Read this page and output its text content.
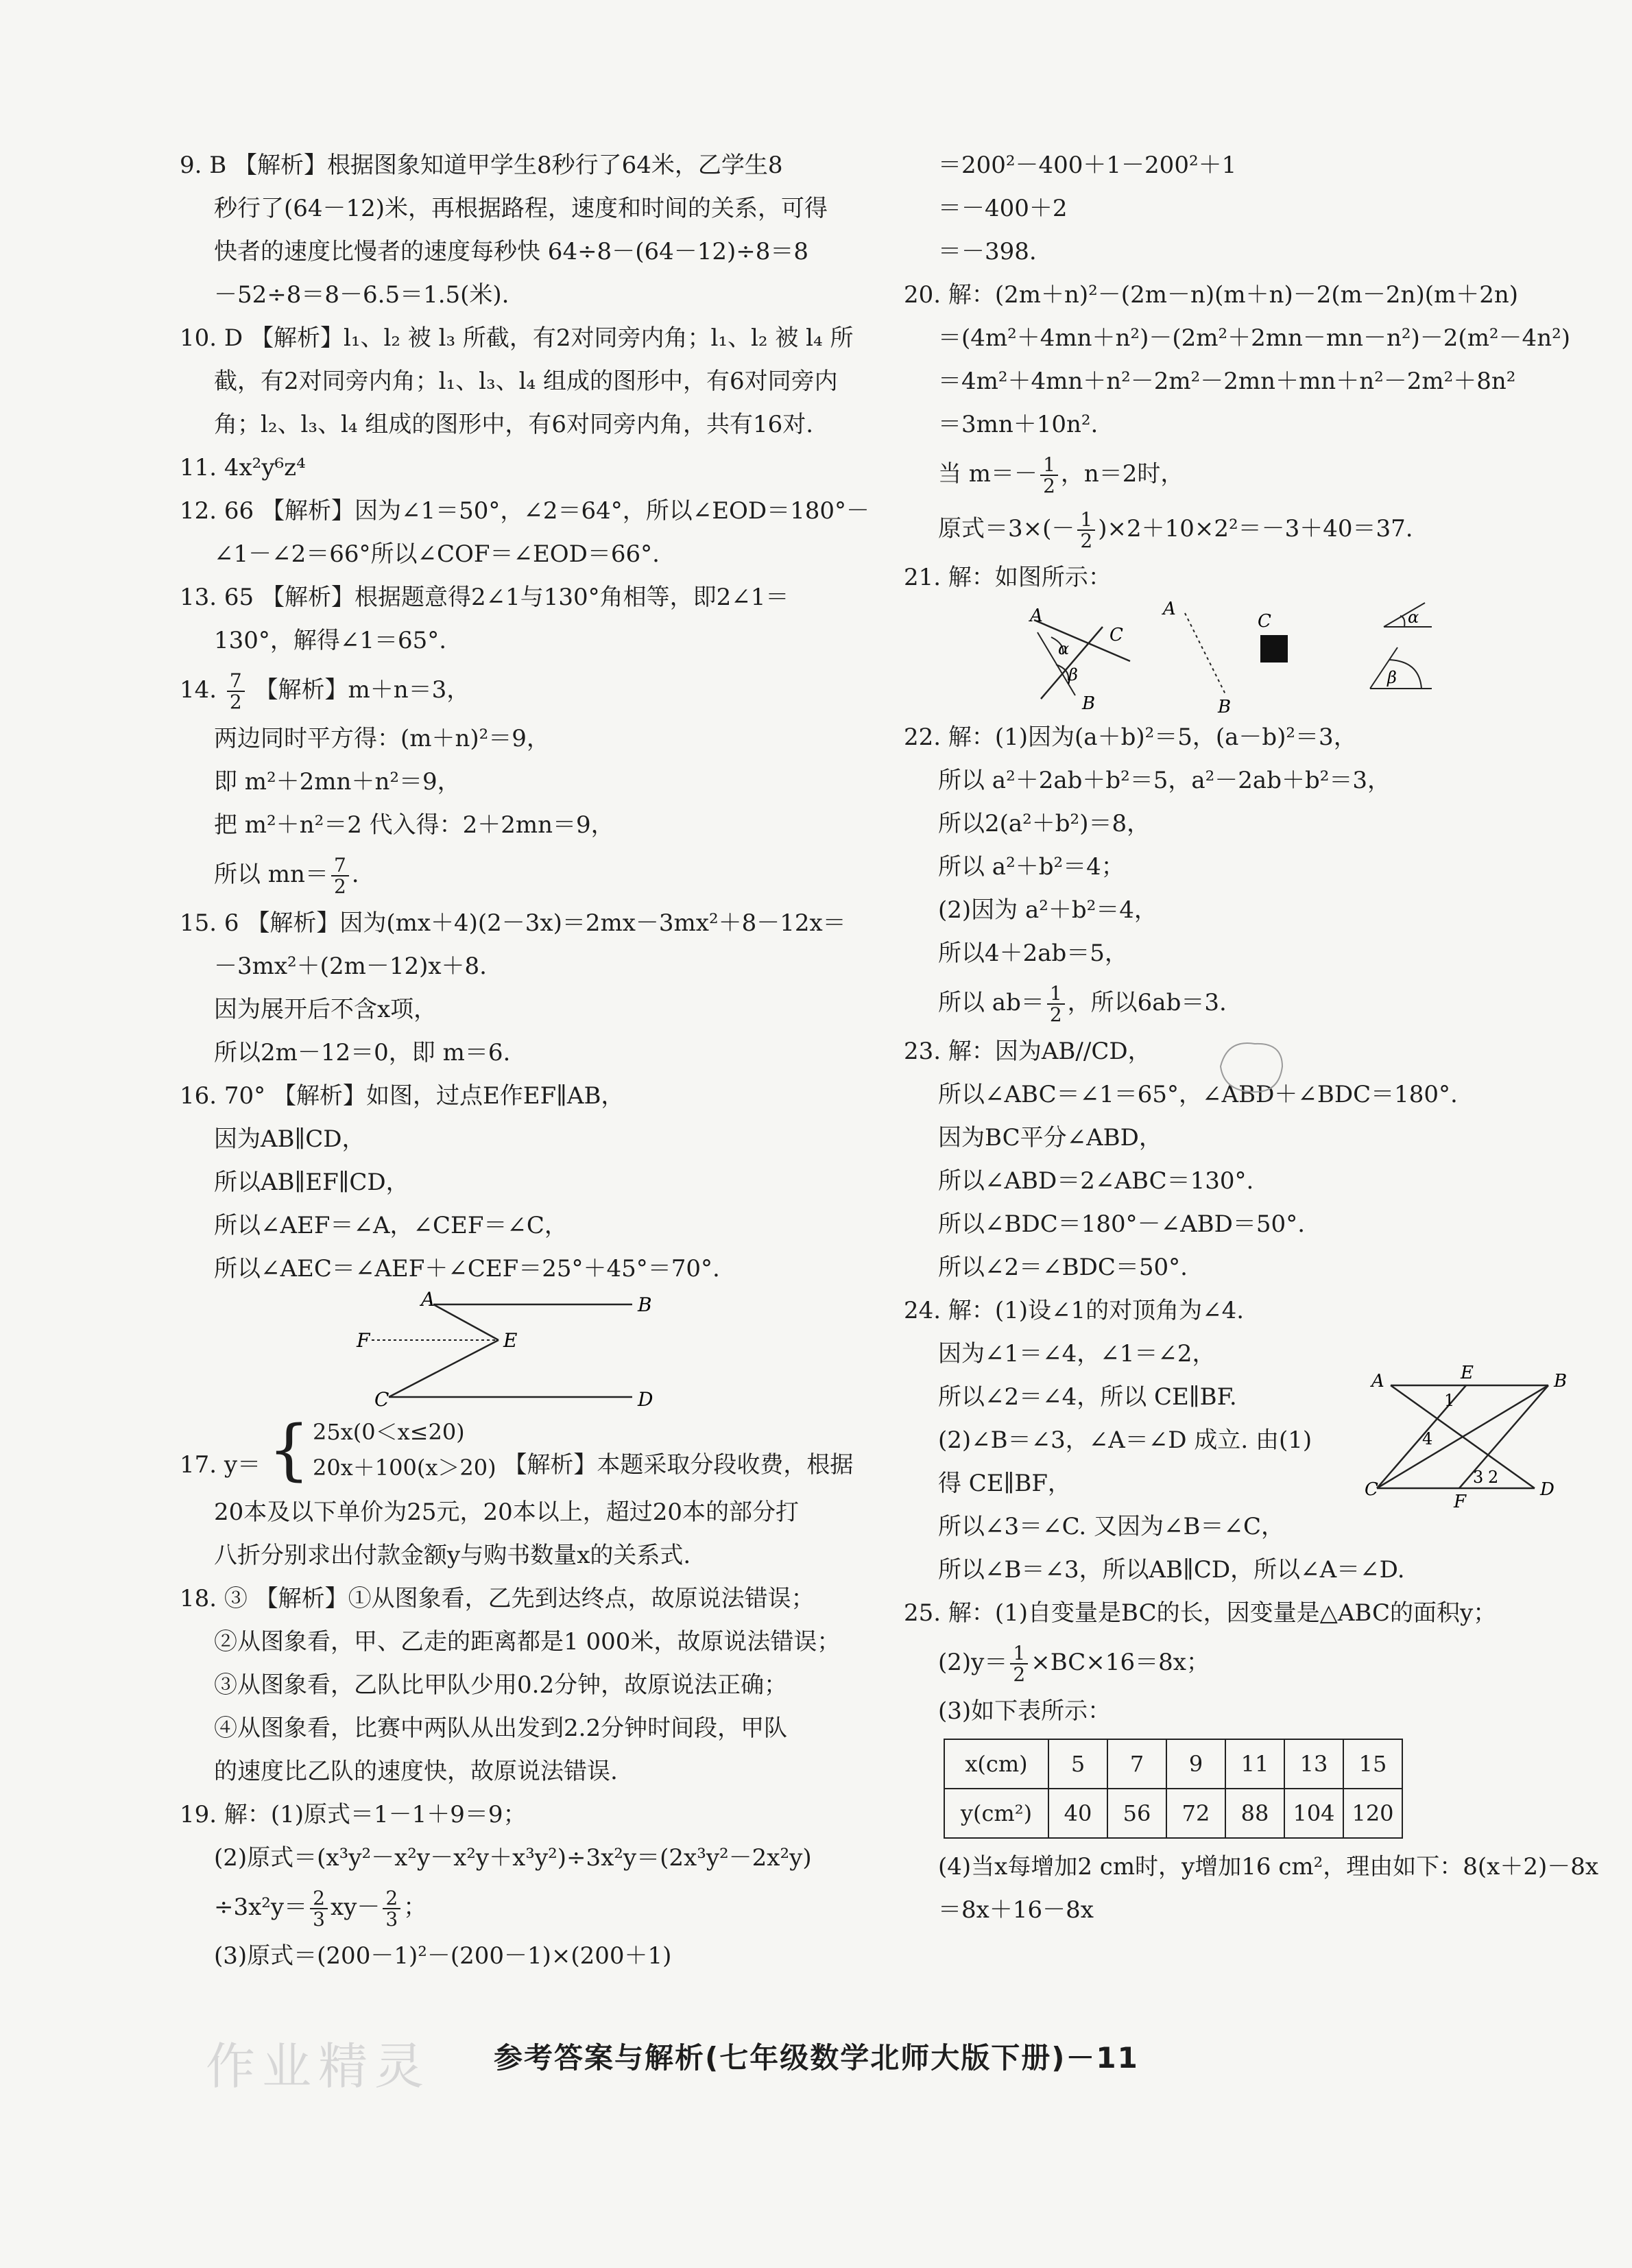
9. B 【解析】根据图象知道甲学生8秒行了64米，乙学生8
秒行了(64－12)米，再根据路程，速度和时间的关系，可得
快者的速度比慢者的速度每秒快 64÷8－(64－12)÷8＝8
－52÷8＝8－6.5＝1.5(米).
10. D 【解析】l₁、l₂ 被 l₃ 所截，有2对同旁内角；l₁、l₂ 被 l₄ 所
截，有2对同旁内角；l₁、l₃、l₄ 组成的图形中，有6对同旁内
角；l₂、l₃、l₄ 组成的图形中，有6对同旁内角，共有16对.
11. 4x²y⁶z⁴
12. 66 【解析】因为∠1＝50°，∠2＝64°，所以∠EOD＝180°－
∠1－∠2＝66°所以∠COF＝∠EOD＝66°.
13. 65 【解析】根据题意得2∠1与130°角相等，即2∠1＝
130°，解得∠1＝65°.
14. $\frac{7}{2}$ 【解析】m＋n＝3，
两边同时平方得：(m＋n)²＝9，
即 m²＋2mn＋n²＝9，
把 m²＋n²＝2 代入得：2＋2mn＝9，
所以 $mn= \frac{7}{2}$ .
15. 6 【解析】因为(mx＋4)(2－3x)＝2mx－3mx²＋8－12x＝
－3mx²＋(2m－12)x＋8.
因为展开后不含x项，
所以2m－12＝0，即 m＝6.
16. 70° 【解析】如图，过点E作EF∥AB，
因为AB∥CD，
所以AB∥EF∥CD，
所以∠AEF＝∠A，∠CEF＝∠C，
所以∠AEC＝∠AEF＋∠CEF＝25°＋45°＝70°.
A	B
C	D
E
F
17. y＝ { 25x(0＜x≤20)
20x＋100(x＞20) 【解析】本题采取分段收费，根据
20本及以下单价为25元，20本以上，超过20本的部分打
八折分别求出付款金额y与购书数量x的关系式.
18. ③ 【解析】①从图象看，乙先到达终点，故原说法错误；
②从图象看，甲、乙走的距离都是1 000米，故原说法错误；
③从图象看，乙队比甲队少用0.2分钟，故原说法正确；
④从图象看，比赛中两队从出发到2.2分钟时间段，甲队
的速度比乙队的速度快，故原说法错误.
19. 解：(1)原式＝1－1＋9＝9；
(2)原式＝(x³y²－x²y－x²y＋x³y²)÷3x²y＝(2x³y²－2x²y)
$\div 3x^2y= \frac{2}{3} xy- \frac{2}{3}$ ；
(3)原式＝(200－1)²－(200－1)×(200＋1)
＝200²－400＋1－200²＋1
＝－400＋2
＝－398.
20. 解：(2m＋n)²－(2m－n)(m＋n)－2(m－2n)(m＋2n)
＝(4m²＋4mn＋n²)－(2m²＋2mn－mn－n²)－2(m²－4n²)
＝4m²＋4mn＋n²－2m²－2mn＋mn＋n²－2m²＋8n²
＝3mn＋10n².
当 $m=- \frac{1}{2}$ ，n＝2时，
原式$=3\times(- \frac{1}{2} )\times 2+10\times 2^2=-3+40=37$.
21. 解：如图所示：
A
C
B
α
β
A
B
C	α
β
22. 解：(1)因为(a＋b)²＝5，(a－b)²＝3，
所以 a²＋2ab＋b²＝5，a²－2ab＋b²＝3，
所以2(a²＋b²)＝8，
所以 a²＋b²＝4；
(2)因为 a²＋b²＝4，
所以4＋2ab＝5，
所以 $ab= \frac{1}{2}$ ，所以6ab＝3.
23. 解：因为AB//CD，
所以∠ABC＝∠1＝65°，∠ABD＋∠BDC＝180°.
因为BC平分∠ABD，
所以∠ABD＝2∠ABC＝130°.
所以∠BDC＝180°－∠ABD＝50°.
所以∠2＝∠BDC＝50°.
24. 解：(1)设∠1的对顶角为∠4.
因为∠1＝∠4，∠1＝∠2，
所以∠2＝∠4，所以 CE∥BF.
(2)∠B＝∠3，∠A＝∠D 成立. 由(1)
得 CE∥BF，
所以∠3＝∠C. 又因为∠B＝∠C，
所以∠B＝∠3，所以AB∥CD，所以∠A＝∠D.
A	E	B
C
F
D
1
4
3 2
25. 解：(1)自变量是BC的长，因变量是△ABC的面积y；
$(2)y= \frac{1}{2} \times BC\times 16=8x$；
(3)如下表所示：
x(cm)	5	7	9	11	13	15
y(cm²)	40	56	72	88	104	120
(4)当x每增加2 cm时，y增加16 cm²，理由如下：8(x＋2)－8x
＝8x＋16－8x
作业精灵 参考答案与解析(七年级数学北师大版下册)－11
